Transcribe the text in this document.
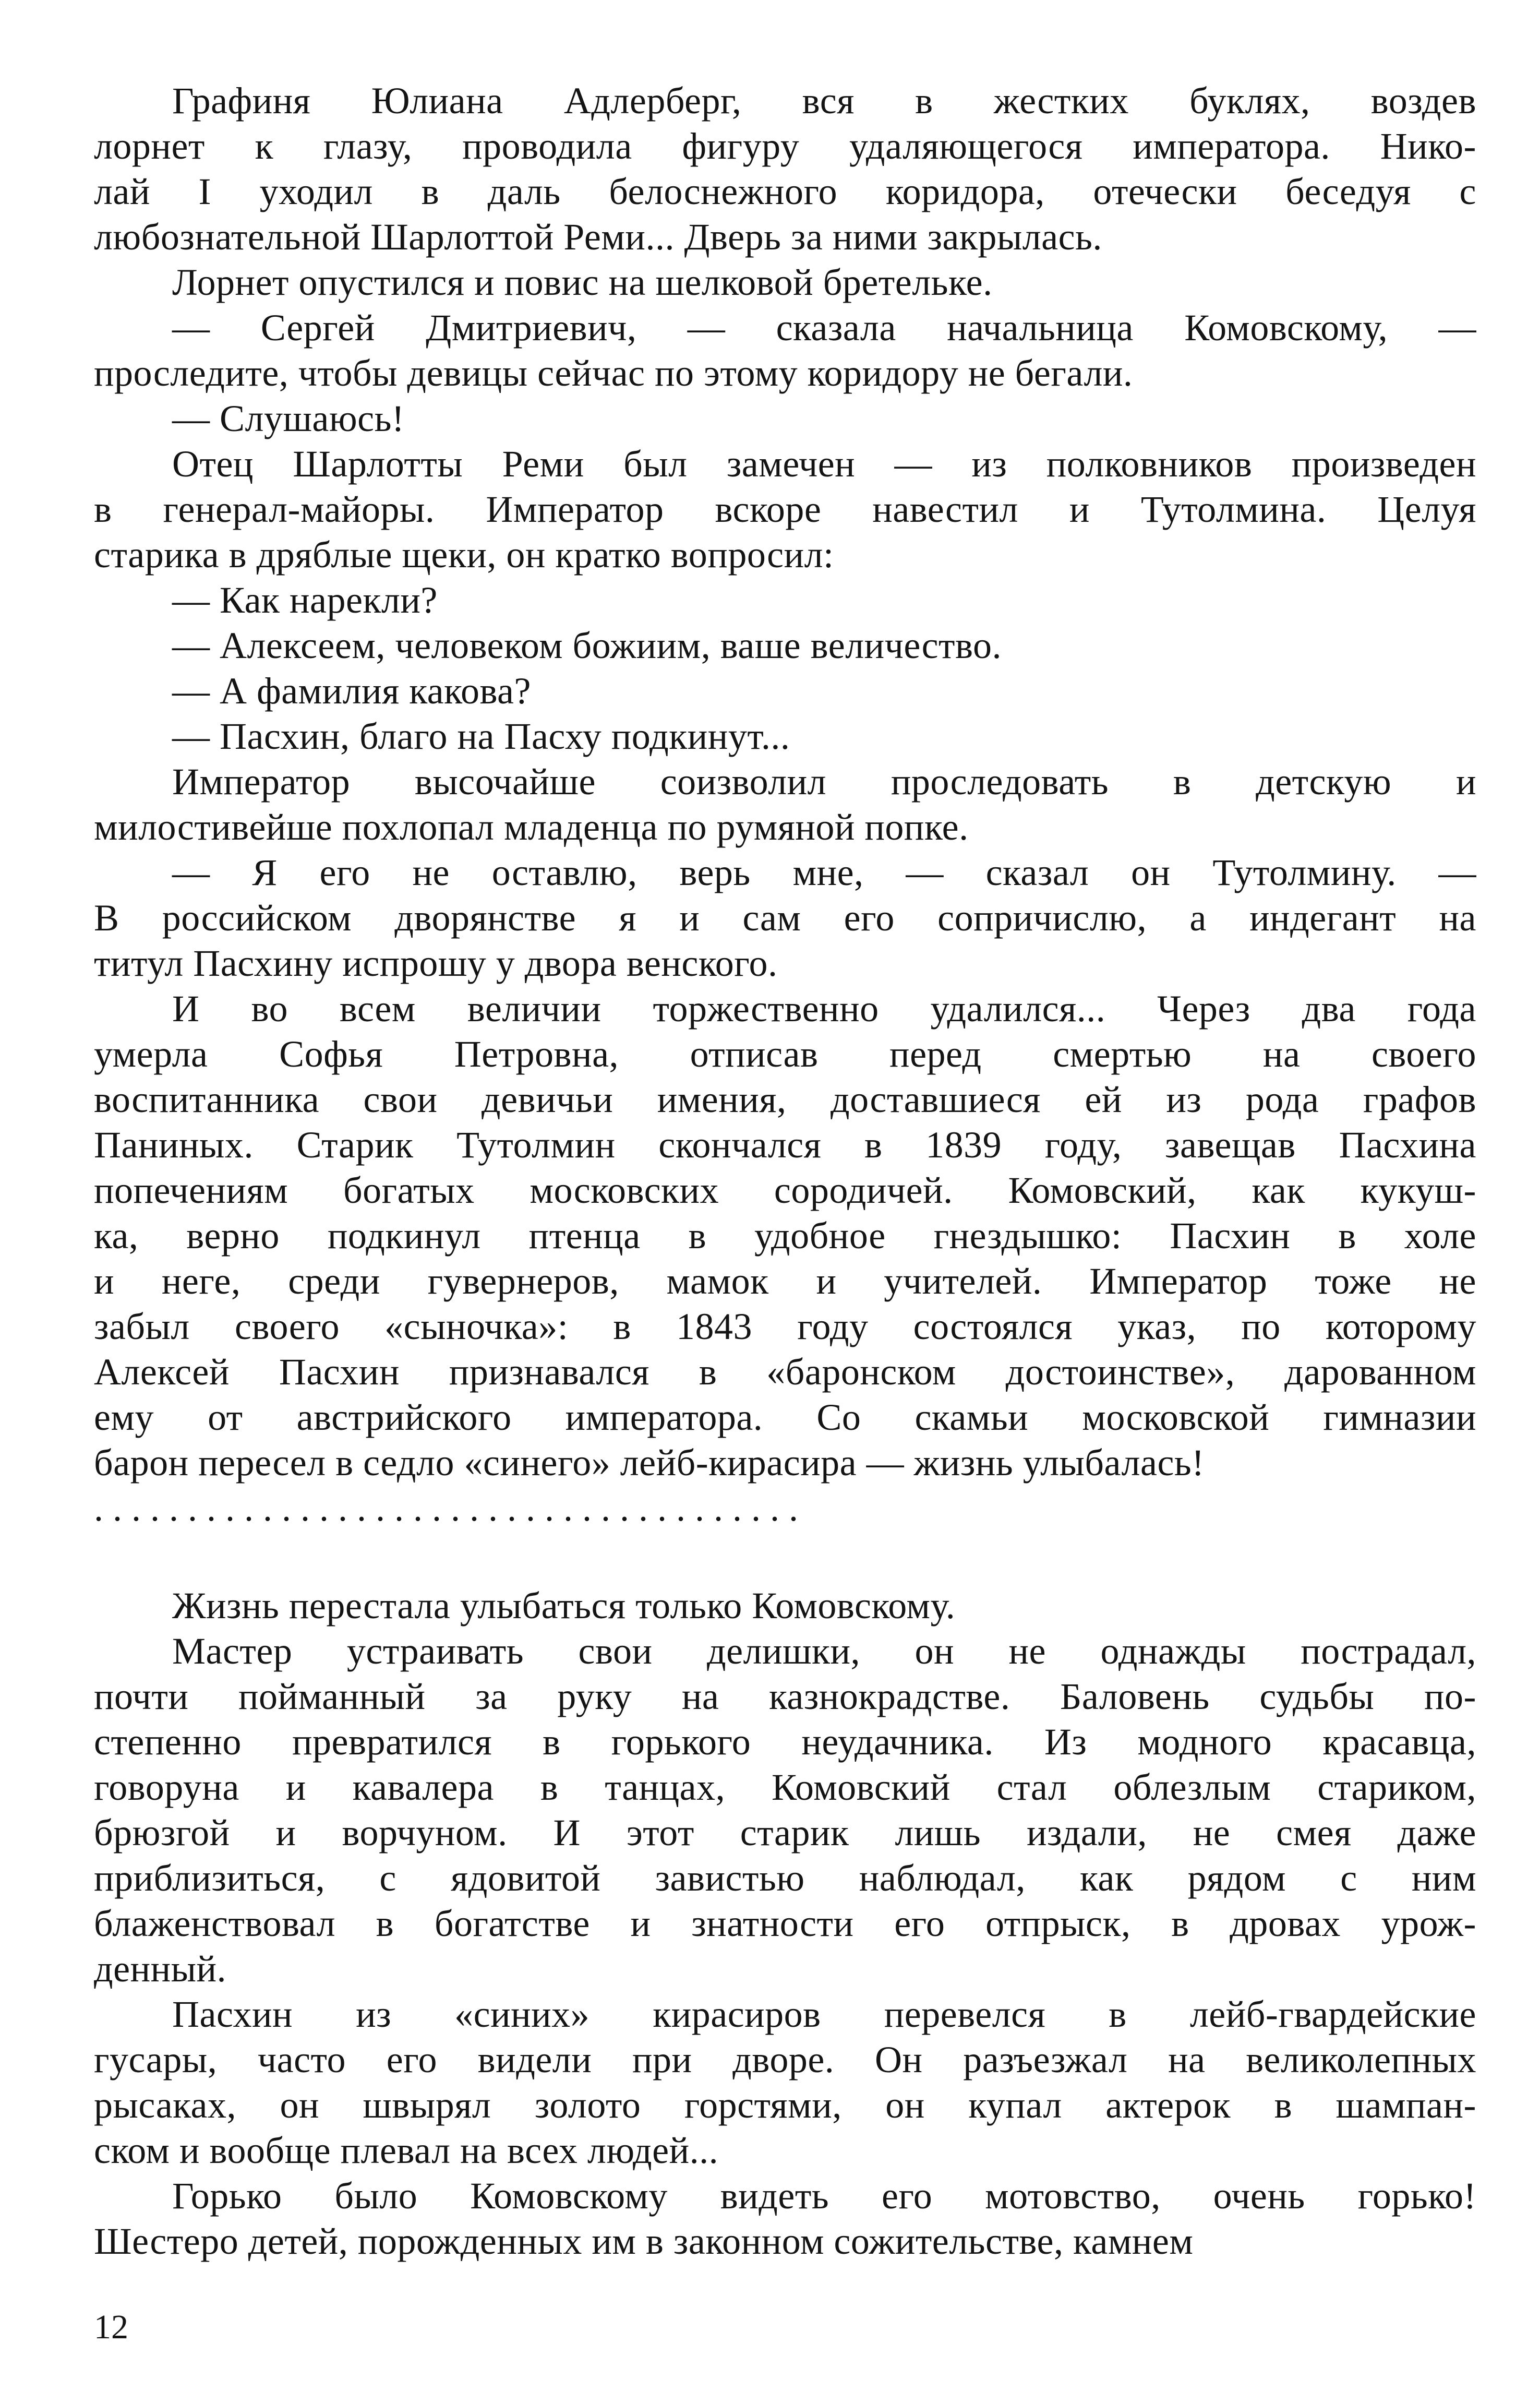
Графиня Юлиана Адлерберг, вся в жестких буклях, воздев
лорнет к глазу, проводила фигуру удаляющегося императора. Нико-
лай I уходил в даль белоснежного коридора, отечески беседуя с
любознательной Шарлоттой Реми... Дверь за ними закрылась.
Лорнет опустился и повис на шелковой бретельке.
— Сергей Дмитриевич, — сказала начальница Комовскому, —
проследите, чтобы девицы сейчас по этому коридору не бегали.
— Слушаюсь!
Отец Шарлотты Реми был замечен — из полковников произведен
в генерал-майоры. Император вскоре навестил и Тутолмина. Целуя
старика в дряблые щеки, он кратко вопросил:
— Как нарекли?
— Алексеем, человеком божиим, ваше величество.
— А фамилия какова?
— Пасхин, благо на Пасху подкинут...
Император высочайше соизволил проследовать в детскую и
милостивейше похлопал младенца по румяной попке.
— Я его не оставлю, верь мне, — сказал он Тутолмину. —
В российском дворянстве я и сам его сопричислю, а индегант на
титул Пасхину испрошу у двора венского.
И во всем величии торжественно удалился... Через два года
умерла Софья Петровна, отписав перед смертью на своего
воспитанника свои девичьи имения, доставшиеся ей из рода графов
Паниных. Старик Тутолмин скончался в 1839 году, завещав Пасхина
попечениям богатых московских сородичей. Комовский, как кукуш-
ка, верно подкинул птенца в удобное гнездышко: Пасхин в холе
и неге, среди гувернеров, мамок и учителей. Император тоже не
забыл своего «сыночка»: в 1843 году состоялся указ, по которому
Алексей Пасхин признавался в «баронском достоинстве», дарованном
ему от австрийского императора. Со скамьи московской гимназии
барон пересел в седло «синего» лейб-кирасира — жизнь улыбалась!
. . . . . . . . . . . . . . . . . . . . . . . . . . . . . . . . . . . . . .
Жизнь перестала улыбаться только Комовскому.
Мастер устраивать свои делишки, он не однажды пострадал,
почти пойманный за руку на казнокрадстве. Баловень судьбы по-
степенно превратился в горького неудачника. Из модного красавца,
говоруна и кавалера в танцах, Комовский стал облезлым стариком,
брюзгой и ворчуном. И этот старик лишь издали, не смея даже
приблизиться, с ядовитой завистью наблюдал, как рядом с ним
блаженствовал в богатстве и знатности его отпрыск, в дровах урож-
денный.
Пасхин из «синих» кирасиров перевелся в лейб-гвардейские
гусары, часто его видели при дворе. Он разъезжал на великолепных
рысаках, он швырял золото горстями, он купал актерок в шампан-
ском и вообще плевал на всех людей...
Горько было Комовскому видеть его мотовство, очень горько!
Шестеро детей, порожденных им в законном сожительстве, камнем
12
